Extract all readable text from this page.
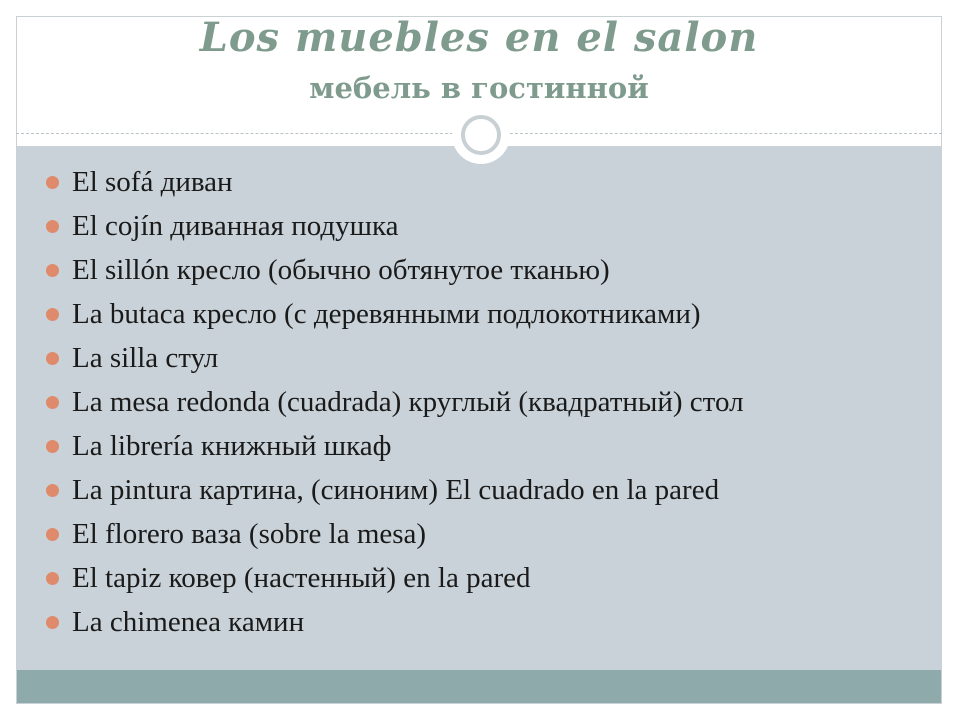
Los muebles en el salon
мебель в гостинной
El sofá диван
El cojín диванная подушка
El sillón кресло (обычно обтянутое тканью)
La butaca кресло (с деревянными подлокотниками)
La silla стул
La mesa redonda (cuadrada) круглый (квадратный) стол
La librería книжный шкаф
La pintura картина, (синоним) El cuadrado en la pared
El florero ваза (sobre la mesa)
El tapiz ковер (настенный) en la pared
La chimenea камин
